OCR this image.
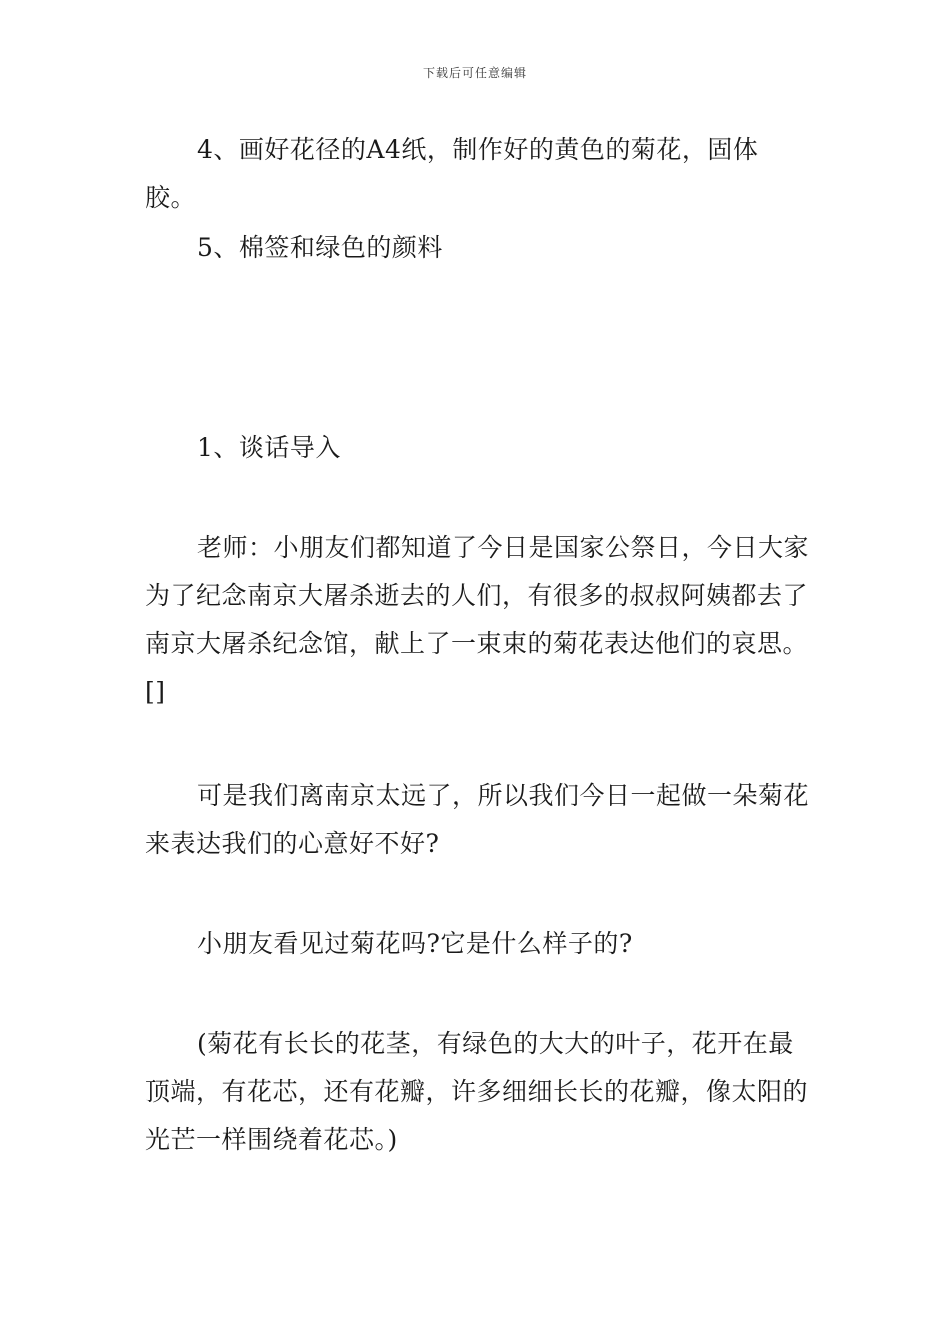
下载后可任意编辑

4、画好花径的A4纸，制作好的黄色的菊花，固体胶。

5、棉签和绿色的颜料

1、谈话导入

老师：小朋友们都知道了今日是国家公祭日，今日大家为了纪念南京大屠杀逝去的人们，有很多的叔叔阿姨都去了南京大屠杀纪念馆，献上了一束束的菊花表达他们的哀思。[]

可是我们离南京太远了，所以我们今日一起做一朵菊花来表达我们的心意好不好?

小朋友看见过菊花吗?它是什么样子的?

(菊花有长长的花茎，有绿色的大大的叶子，花开在最顶端，有花芯，还有花瓣，许多细细长长的花瓣，像太阳的光芒一样围绕着花芯。)
